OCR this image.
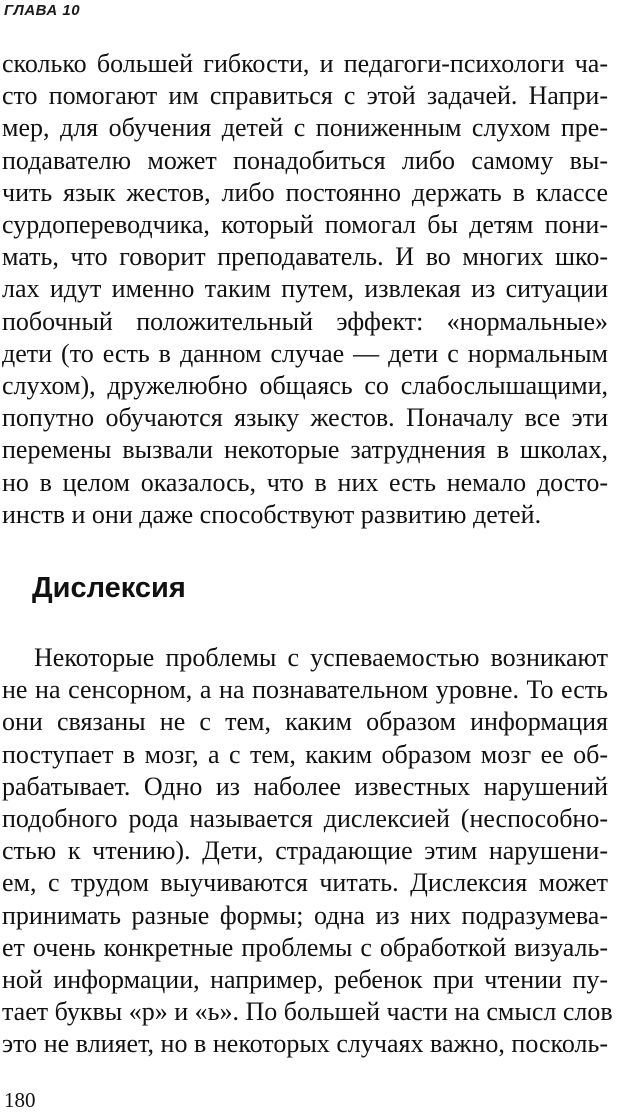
ГЛАВА 10
сколько большей гибкости, и педагоги-психологи ча-
сто помогают им справиться с этой задачей. Напри-
мер, для обучения детей с пониженным слухом пре-
подавателю может понадобиться либо самому вы-
чить язык жестов, либо постоянно держать в классе
сурдопереводчика, который помогал бы детям пони-
мать, что говорит преподаватель. И во многих шко-
лах идут именно таким путем, извлекая из ситуации
побочный положительный эффект: «нормальные»
дети (то есть в данном случае — дети с нормальным
слухом), дружелюбно общаясь со слабослышащими,
попутно обучаются языку жестов. Поначалу все эти
перемены вызвали некоторые затруднения в школах,
но в целом оказалось, что в них есть немало досто-
инств и они даже способствуют развитию детей.
Дислексия
Некоторые проблемы с успеваемостью возникают
не на сенсорном, а на познавательном уровне. То есть
они связаны не с тем, каким образом информация
поступает в мозг, а с тем, каким образом мозг ее об-
рабатывает. Одно из наболее известных нарушений
подобного рода называется дислексией (неспособно-
стью к чтению). Дети, страдающие этим нарушени-
ем, с трудом выучиваются читать. Дислексия может
принимать разные формы; одна из них подразумева-
ет очень конкретные проблемы с обработкой визуаль-
ной информации, например, ребенок при чтении пу-
тает буквы «р» и «ь». По большей части на смысл слов
это не влияет, но в некоторых случаях важно, посколь-
180
